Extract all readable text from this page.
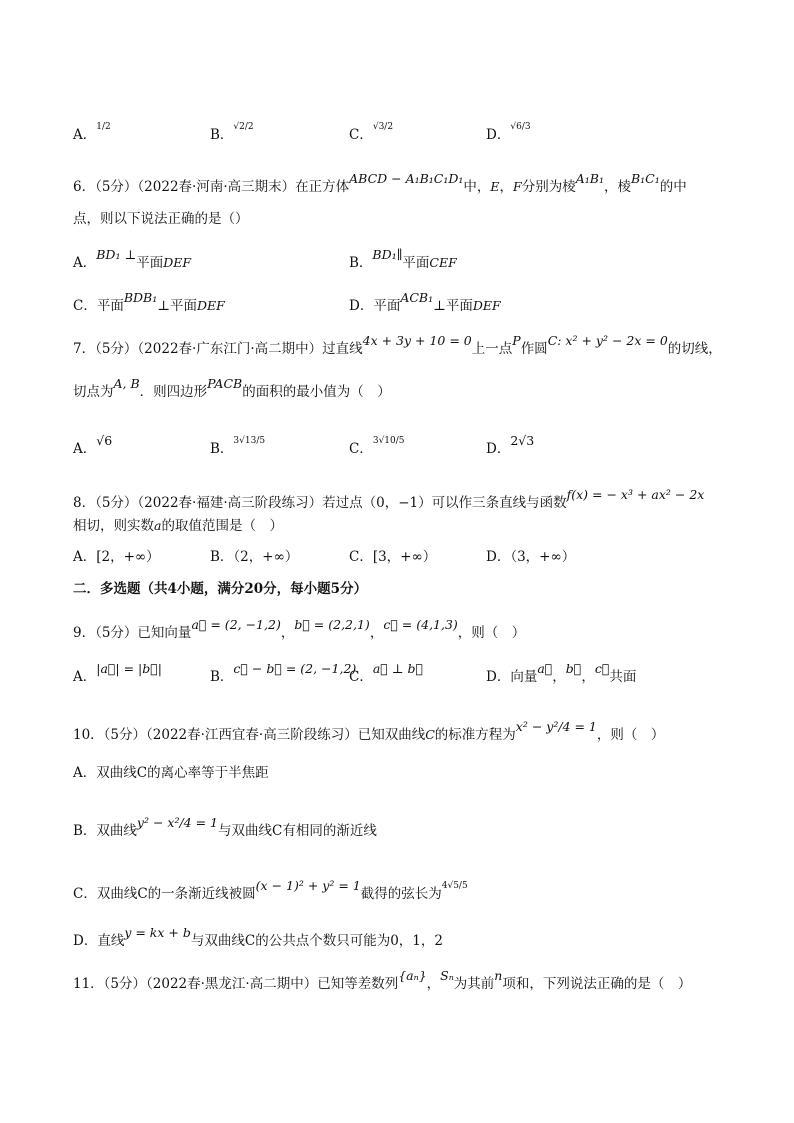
A．$^{1/2}$	B．$^{√2/2}$	C．$^{√3/2}$	D．$^{√6/3}$
6．（5分）（2022春·河南·高三期末）在正方体ABCD − A₁B₁C₁D₁中，E，F分别为棱A₁B₁，棱B₁C₁的中
点，则以下说法正确的是（）
A．BD₁ ⊥平面DEF	B．BD₁∥平面CEF
C．平面BDB₁⊥平面DEF	D．平面ACB₁⊥平面DEF
7．（5分）（2022春·广东江门·高二期中）过直线4x + 3y + 10 = 0上一点P作圆C: x² + y² − 2x = 0的切线，
切点为A, B．则四边形PACB的面积的最小值为（　）
A．√6
B．$^{3√13/5}$	C．$^{3√10/5}$	D．2√3
8．（5分）（2022春·福建·高三阶段练习）若过点（0，−1）可以作三条直线与函数f(x) = − x³ + ax² − 2x
相切，则实数a的取值范围是（　）
A．[2，+∞）	B．（2，+∞）	C．[3，+∞）	D．（3，+∞）
二．多选题（共4小题，满分20分，每小题5分）
9．（5分）已知向量a⃗ = (2, −1,2)，b⃗ = (2,2,1)，c⃗ = (4,1,3)，则（　）
A．|a⃗| = |b⃗|
B．c⃗ − b⃗ = (2, −1,2)
C．a⃗ ⊥ b⃗
D．向量a⃗，b⃗，c⃗共面
10．（5分）（2022春·江西宜春·高三阶段练习）已知双曲线C的标准方程为x² − y²/4 = 1，则（　）
A．双曲线C的离心率等于半焦距
B．双曲线y² − x²/4 = 1与双曲线C有相同的渐近线
C．双曲线C的一条渐近线被圆(x − 1)² + y² = 1截得的弦长为$^{4√5/5}$
D．直线y = kx + b与双曲线C的公共点个数只可能为0，1，2
11．（5分）（2022春·黑龙江·高二期中）已知等差数列{aₙ}，Sₙ为其前n项和，下列说法正确的是（　）
